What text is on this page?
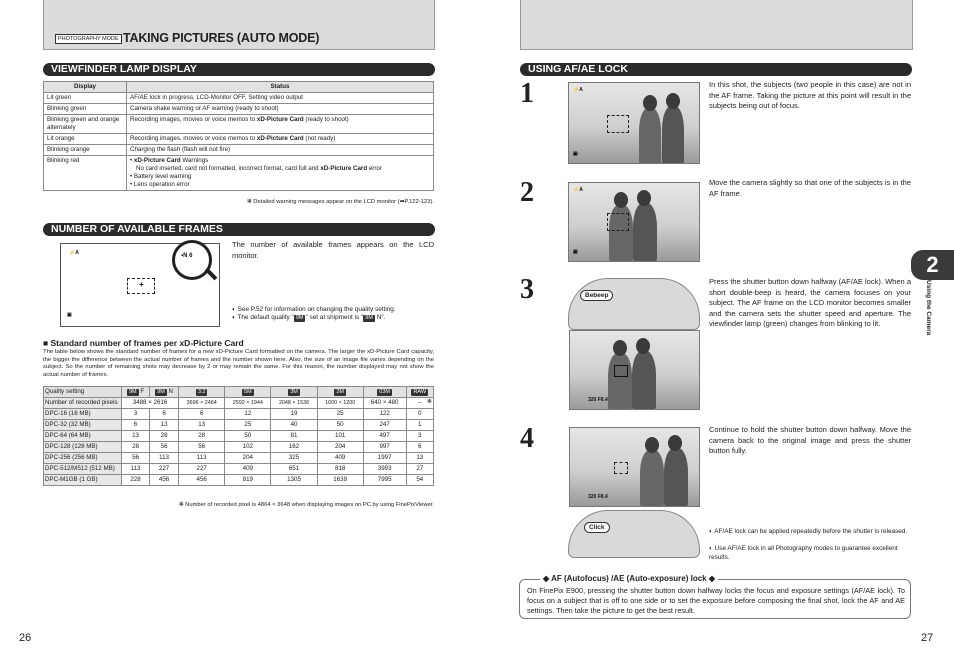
PHOTOGRAPHY MODE TAKING PICTURES (AUTO MODE)
VIEWFINDER LAMP DISPLAY
Display	Status
Lit green	AF/AE lock in progress, LCD-Monitor OFF, Setting video output
Blinking green	Camera shake warning or AF warning (ready to shoot)
Blinking green and orange alternately	Recording images, movies or voice memos to xD-Picture Card (ready to shoot)
Lit orange	Recording images, movies or voice memos to xD-Picture Card (not ready)
Blinking orange	Charging the flash (flash will not fire)
Blinking red	• xD-Picture Card Warnings
No card inserted, card not formatted, incorrect format, card full and xD-Picture Card error
• Battery level warning
• Lens operation error
✻ Detailed warning messages appear on the LCD monitor (➡P.122-123).
NUMBER OF AVAILABLE FRAMES
⚡A
+
▣
▪N 6
The number of available frames appears on the LCD monitor.
◐ See P.52 for information on changing the quality setting.
◐ The default quality " 9M " set at shipment is " 9M N".
■ Standard number of frames per xD-Picture Card
The table below shows the standard number of frames for a new xD-Picture Card formatted on the camera. The larger the xD-Picture Card capacity, the bigger the difference between the actual number of frames and the number shown here. Also, the size of an image file varies depending on the subject. So the number of remaining shots may decrease by 2 or may remain the same. For this reason, the number displayed may not show the actual number of frames.
Quality setting	9M F	9M N	3:2	5M	3M	2M	03M	RAW
Number of recorded pixels	3488 × 2616		3696 × 2464	2592 × 1944	2048 × 1536	1600 × 1200	640 × 480	– ✻

DPC-16 (16 MB)	3	6	6	12	19	25	122	0
DPC-32 (32 MB)	6	13	13	25	40	50	247	1
DPC-64 (64 MB)	13	28	28	50	81	101	497	3
DPC-128 (128 MB)	28	56	56	102	162	204	997	6
DPC-256 (256 MB)	56	113	113	204	325	409	1997	13
DPC-512/M512 (512 MB)	113	227	227	409	651	818	3993	27
DPC-M1GB (1 GB)	228	456	456	819	1305	1639	7995	54
✻ Number of recorded pixel is 4864 × 3648 when displaying images on PC by using FinePixViewer.
USING AF/AE LOCK
1	⚡A
▣
In this shot, the subjects (two people in this case) are not in the AF frame. Taking the picture at this point will result in the subjects being out of focus.
2	⚡A
▣
Move the camera slightly so that one of the subjects is in the AF frame.
3	Bebeep
320 F8.4
Press the shutter button down halfway (AF/AE lock). When a short double-beep is heard, the camera focuses on your subject. The AF frame on the LCD monitor becomes smaller and the camera sets the shutter speed and aperture. The viewfinder lamp (green) changes from blinking to lit.
4
320 F8.4
Click
Continue to hold the shutter button down halfway. Move the camera back to the original image and press the shutter button fully.
◐ AF/AE lock can be applied repeatedly before the shutter is released.
◐ Use AF/AE lock in all Photography modes to guarantee excellent results.
◆ AF (Autofocus) /AE (Auto-exposure) lock ◆
On FinePix E900, pressing the shutter button down halfway locks the focus and exposure settings (AF/AE lock). To focus on a subject that is off to one side or to set the exposure before composing the final shot, lock the AF and AE settings. Then take the picture to get the best result.
2
Using the Camera
26	27
